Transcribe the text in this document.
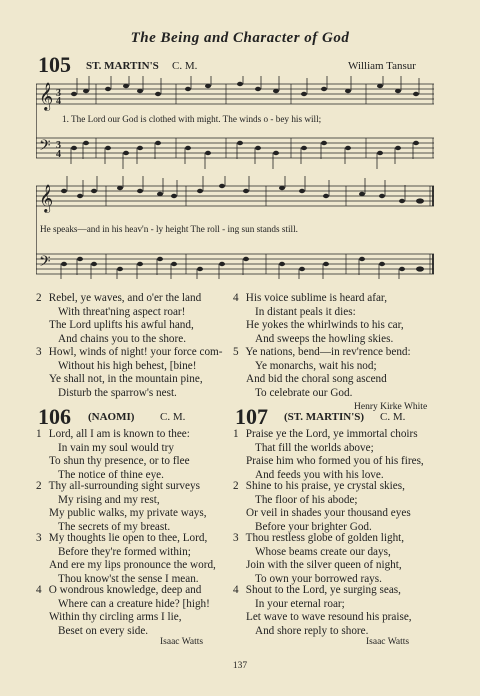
The Being and Character of God
105 ST. MARTIN'S C. M.	William Tansur
𝄞 3
4
𝄢 3
4
1. The Lord our God is clothed with might. The winds o - bey his will;
𝄞
𝄢
He speaks—and in his heav'n - ly height The roll - ing sun stands still.
2 Rebel, ye waves, and o'er the land
With threat'ning aspect roar!
The Lord uplifts his awful hand,
And chains you to the shore.
3 Howl, winds of night! your force com-
Without his high behest, [bine!
Ye shall not, in the mountain pine,
Disturb the sparrow's nest.
4 His voice sublime is heard afar,
In distant peals it dies:
He yokes the whirlwinds to his car,
And sweeps the howling skies.
5 Ye nations, bend—in rev'rence bend:
Ye monarchs, wait his nod;
And bid the choral song ascend
To celebrate our God.
Henry Kirke White
106 (NAOMI) C. M.
1 Lord, all I am is known to thee:
In vain my soul would try
To shun thy presence, or to flee
The notice of thine eye.
2 Thy all-surrounding sight surveys
My rising and my rest,
My public walks, my private ways,
The secrets of my breast.
3 My thoughts lie open to thee, Lord,
Before they're formed within;
And ere my lips pronounce the word,
Thou know'st the sense I mean.
4 O wondrous knowledge, deep and
Where can a creature hide? [high!
Within thy circling arms I lie,
Beset on every side.
Isaac Watts
107 (ST. MARTIN'S) C. M.
1 Praise ye the Lord, ye immortal choirs
That fill the worlds above;
Praise him who formed you of his fires,
And feeds you with his love.
2 Shine to his praise, ye crystal skies,
The floor of his abode;
Or veil in shades your thousand eyes
Before your brighter God.
3 Thou restless globe of golden light,
Whose beams create our days,
Join with the silver queen of night,
To own your borrowed rays.
4 Shout to the Lord, ye surging seas,
In your eternal roar;
Let wave to wave resound his praise,
And shore reply to shore.
Isaac Watts
137
